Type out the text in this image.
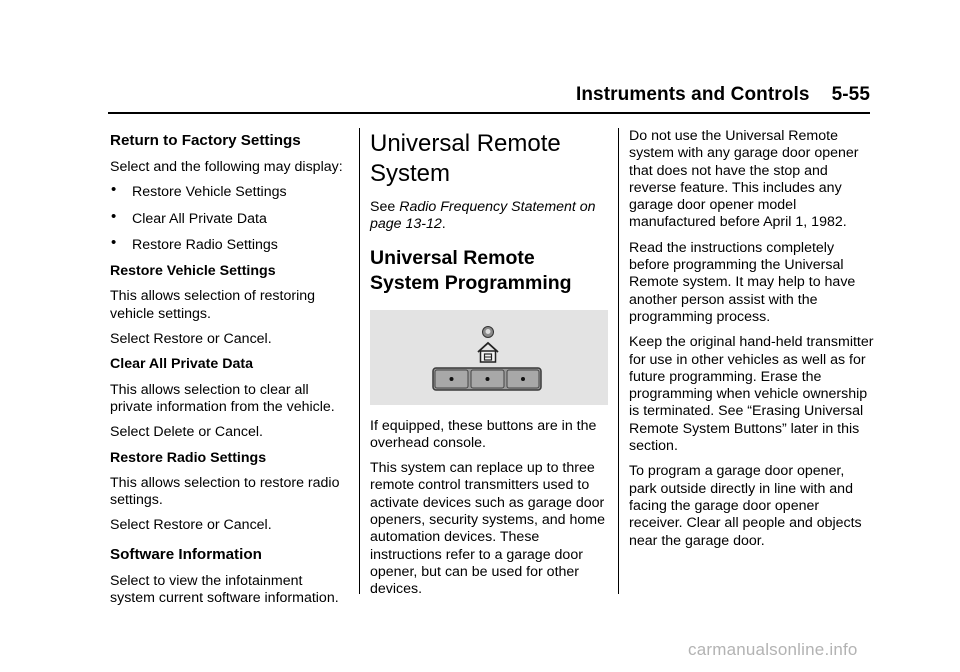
Instruments and Controls 5-55
Return to Factory Settings

Select and the following may display:

• Restore Vehicle Settings
• Clear All Private Data
• Restore Radio Settings
Restore Vehicle Settings

This allows selection of restoring vehicle settings.

Select Restore or Cancel.

Clear All Private Data

This allows selection to clear all private information from the vehicle.

Select Delete or Cancel.

Restore Radio Settings

This allows selection to restore radio settings.

Select Restore or Cancel.

Software Information

Select to view the infotainment system current software information.

Universal Remote System

See Radio Frequency Statement on page 13-12.

Universal Remote System Programming

If equipped, these buttons are in the overhead console.

This system can replace up to three remote control transmitters used to activate devices such as garage door openers, security systems, and home automation devices. These instructions refer to a garage door opener, but can be used for other devices.

Do not use the Universal Remote system with any garage door opener that does not have the stop and reverse feature. This includes any garage door opener model manufactured before April 1, 1982.

Read the instructions completely before programming the Universal Remote system. It may help to have another person assist with the programming process.

Keep the original hand-held transmitter for use in other vehicles as well as for future programming. Erase the programming when vehicle ownership is terminated. See “Erasing Universal Remote System Buttons” later in this section.

To program a garage door opener, park outside directly in line with and facing the garage door opener receiver. Clear all people and objects near the garage door.

carmanualsonline.info
